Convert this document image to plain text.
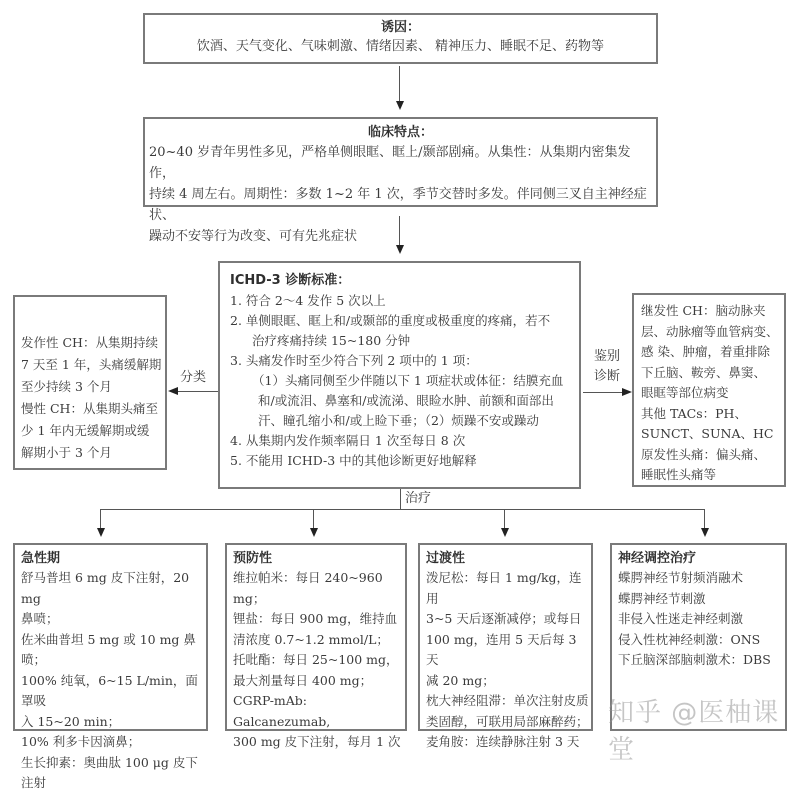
诱因：
饮酒、天气变化、气味刺激、情绪因素、 精神压力、睡眠不足、药物等
临床特点：

20~40 岁青年男性多见，严格单侧眼眶、眶上/颞部剧痛。从集性：从集期内密集发作，

持续 4 周左右。周期性：多数 1~2 年 1 次，季节交替时多发。伴同侧三叉自主神经症状、

躁动不安等行为改变、可有先兆症状

ICHD-3 诊断标准：

1. 符合 2～4 发作 5 次以上

2. 单侧眼眶、眶上和/或颞部的重度或极重度的疼痛，若不

治疗疼痛持续 15~180 分钟

3. 头痛发作时至少符合下列 2 项中的 1 项：

（1）头痛同侧至少伴随以下 1 项症状或体征：结膜充血

和/或流泪、鼻塞和/或流涕、眼睑水肿、前额和面部出

汗、瞳孔缩小和/或上睑下垂；（2）烦躁不安或躁动

4. 从集期内发作频率隔日 1 次至每日 8 次

5. 不能用 ICHD-3 中的其他诊断更好地解释

发作性 CH：从集期持续

7 天至 1 年，头痛缓解期

至少持续 3 个月

慢性 CH：从集期头痛至

少 1 年内无缓解期或缓

解期小于 3 个月

分类

继发性 CH：脑动脉夹

层、动脉瘤等血管病变、

感 染、肿瘤，着重排除

下丘脑、鞍旁、鼻窦、

眼眶等部位病变

其他 TACs：PH、

SUNCT、SUNA、HC

原发性头痛：偏头痛、

睡眠性头痛等

鉴别
诊断
治疗
急性期

舒马普坦 6 mg 皮下注射，20 mg

鼻喷；

佐米曲普坦 5 mg 或 10 mg 鼻喷；

100% 纯氧，6~15 L/min，面罩吸

入 15~20 min；

10% 利多卡因滴鼻；

生长抑素：奥曲肽 100 μg 皮下

注射

预防性

维拉帕米：每日 240~960 mg；

锂盐：每日 900 mg，维持血

清浓度 0.7~1.2 mmol/L；

托吡酯：每日 25~100 mg，

最大剂量每日 400 mg；

CGRP-mAb: Galcanezumab,

300 mg 皮下注射，每月 1 次

过渡性

泼尼松：每日 1 mg/kg，连用

3~5 天后逐渐减停；或每日

100 mg，连用 5 天后每 3 天

减 20 mg；

枕大神经阻滞：单次注射皮质

类固醇，可联用局部麻醉药；

麦角胺：连续静脉注射 3 天

神经调控治疗

蝶腭神经节射频消融术

蝶腭神经节刺激

非侵入性迷走神经刺激

侵入性枕神经刺激：ONS

下丘脑深部脑刺激术：DBS

知乎 @医柚课堂
